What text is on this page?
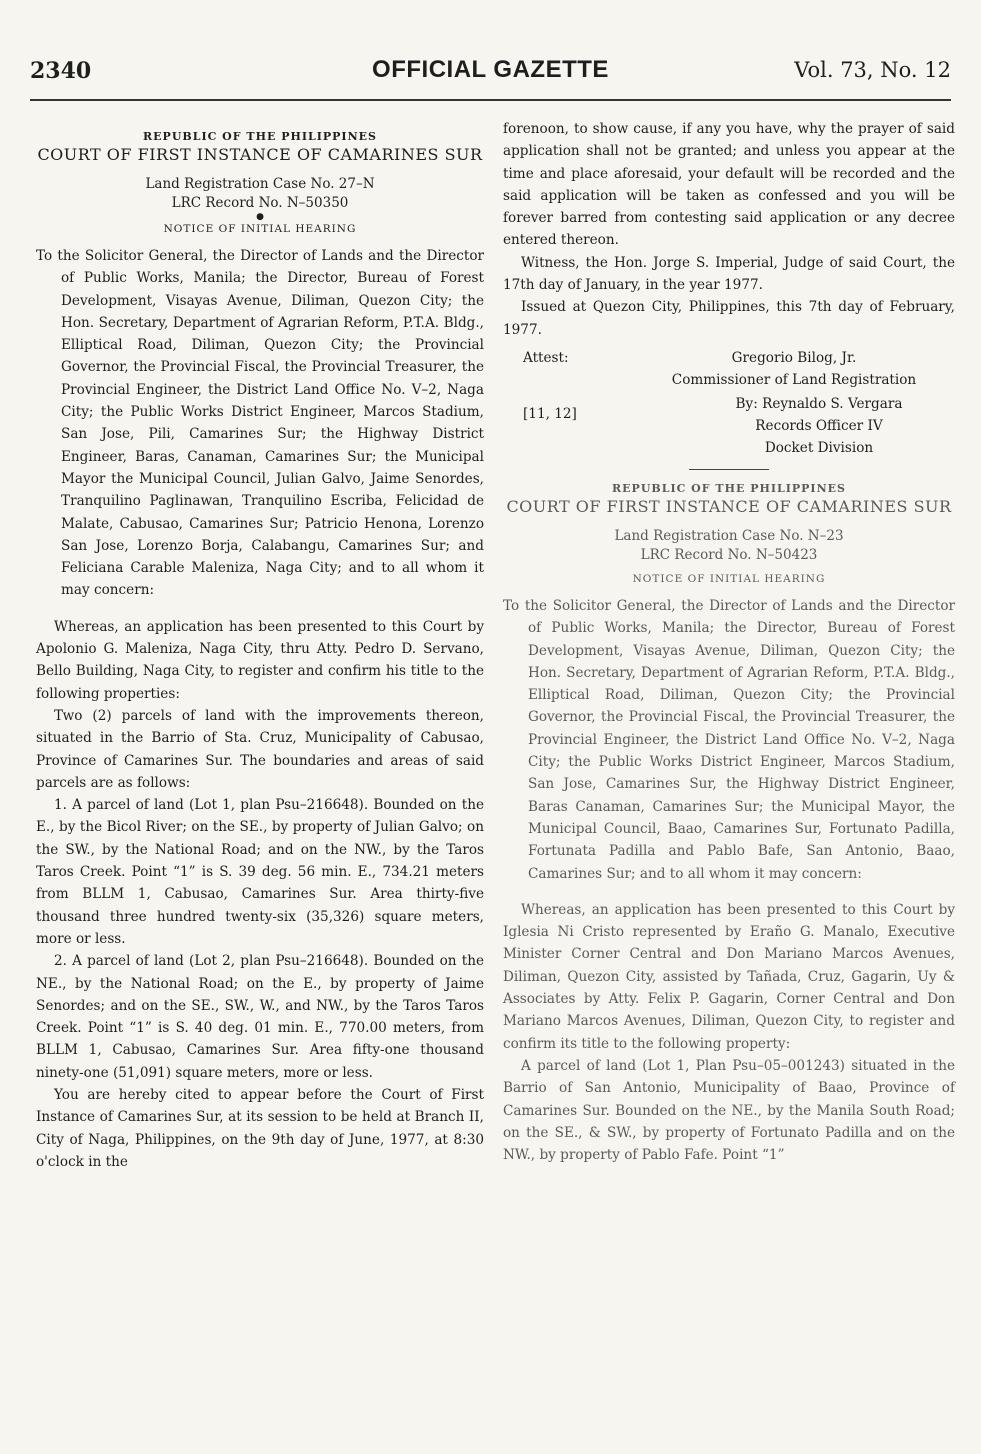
2340	OFFICIAL GAZETTE	Vol. 73, No. 12
REPUBLIC OF THE PHILIPPINES
COURT OF FIRST INSTANCE OF CAMARINES SUR
Land Registration Case No. 27–N
LRC Record No. N–50350
●
NOTICE OF INITIAL HEARING

To the Solicitor General, the Director of Lands and the Director of Public Works, Manila; the Director, Bureau of Forest Development, Visayas Avenue, Diliman, Quezon City; the Hon. Secretary, Department of Agrarian Reform, P.T.A. Bldg., Elliptical Road, Diliman, Quezon City; the Provincial Governor, the Provincial Fiscal, the Provincial Treasurer, the Provincial Engineer, the District Land Office No. V–2, Naga City; the Public Works District Engineer, Marcos Stadium, San Jose, Pili, Camarines Sur; the Highway District Engineer, Baras, Canaman, Camarines Sur; the Municipal Mayor the Municipal Council, Julian Galvo, Jaime Senordes, Tranquilino Paglinawan, Tranquilino Escriba, Felicidad de Malate, Cabusao, Camarines Sur; Patricio Henona, Lorenzo San Jose, Lorenzo Borja, Calabangu, Camarines Sur; and Feliciana Carable Maleniza, Naga City; and to all whom it may concern:

Whereas, an application has been presented to this Court by Apolonio G. Maleniza, Naga City, thru Atty. Pedro D. Servano, Bello Building, Naga City, to register and confirm his title to the following properties:

Two (2) parcels of land with the improvements thereon, situated in the Barrio of Sta. Cruz, Municipality of Cabusao, Province of Camarines Sur. The boundaries and areas of said parcels are as follows:

1. A parcel of land (Lot 1, plan Psu–216648). Bounded on the E., by the Bicol River; on the SE., by property of Julian Galvo; on the SW., by the National Road; and on the NW., by the Taros Taros Creek. Point “1” is S. 39 deg. 56 min. E., 734.21 meters from BLLM 1, Cabusao, Camarines Sur. Area thirty-five thousand three hundred twenty-six (35,326) square meters, more or less.

2. A parcel of land (Lot 2, plan Psu–216648). Bounded on the NE., by the National Road; on the E., by property of Jaime Senordes; and on the SE., SW., W., and NW., by the Taros Taros Creek. Point “1” is S. 40 deg. 01 min. E., 770.00 meters, from BLLM 1, Cabusao, Camarines Sur. Area fifty-one thousand ninety-one (51,091) square meters, more or less.

You are hereby cited to appear before the Court of First Instance of Camarines Sur, at its session to be held at Branch II, City of Naga, Philippines, on the 9th day of June, 1977, at 8:30 o'clock in the

forenoon, to show cause, if any you have, why the prayer of said application shall not be granted; and unless you appear at the time and place aforesaid, your default will be recorded and the said application will be taken as confessed and you will be forever barred from contesting said application or any decree entered thereon.

Witness, the Hon. Jorge S. Imperial, Judge of said Court, the 17th day of January, in the year 1977.

Issued at Quezon City, Philippines, this 7th day of February, 1977.

Attest:
[11, 12]
Gregorio Bilog, Jr.
Commissioner of Land Registration
By: Reynaldo S. Vergara
Records Officer IV
Docket Division
REPUBLIC OF THE PHILIPPINES
COURT OF FIRST INSTANCE OF CAMARINES SUR
Land Registration Case No. N–23
LRC Record No. N–50423
NOTICE OF INITIAL HEARING

To the Solicitor General, the Director of Lands and the Director of Public Works, Manila; the Director, Bureau of Forest Development, Visayas Avenue, Diliman, Quezon City; the Hon. Secretary, Department of Agrarian Reform, P.T.A. Bldg., Elliptical Road, Diliman, Quezon City; the Provincial Governor, the Provincial Fiscal, the Provincial Treasurer, the Provincial Engineer, the District Land Office No. V–2, Naga City; the Public Works District Engineer, Marcos Stadium, San Jose, Camarines Sur, the Highway District Engineer, Baras Canaman, Camarines Sur; the Municipal Mayor, the Municipal Council, Baao, Camarines Sur, Fortunato Padilla, Fortunata Padilla and Pablo Bafe, San Antonio, Baao, Camarines Sur; and to all whom it may concern:

Whereas, an application has been presented to this Court by Iglesia Ni Cristo represented by Eraño G. Manalo, Executive Minister Corner Central and Don Mariano Marcos Avenues, Diliman, Quezon City, assisted by Tañada, Cruz, Gagarin, Uy & Associates by Atty. Felix P. Gagarin, Corner Central and Don Mariano Marcos Avenues, Diliman, Quezon City, to register and confirm its title to the following property:

A parcel of land (Lot 1, Plan Psu–05–001243) situated in the Barrio of San Antonio, Municipality of Baao, Province of Camarines Sur. Bounded on the NE., by the Manila South Road; on the SE., & SW., by property of Fortunato Padilla and on the NW., by property of Pablo Fafe. Point “1”
